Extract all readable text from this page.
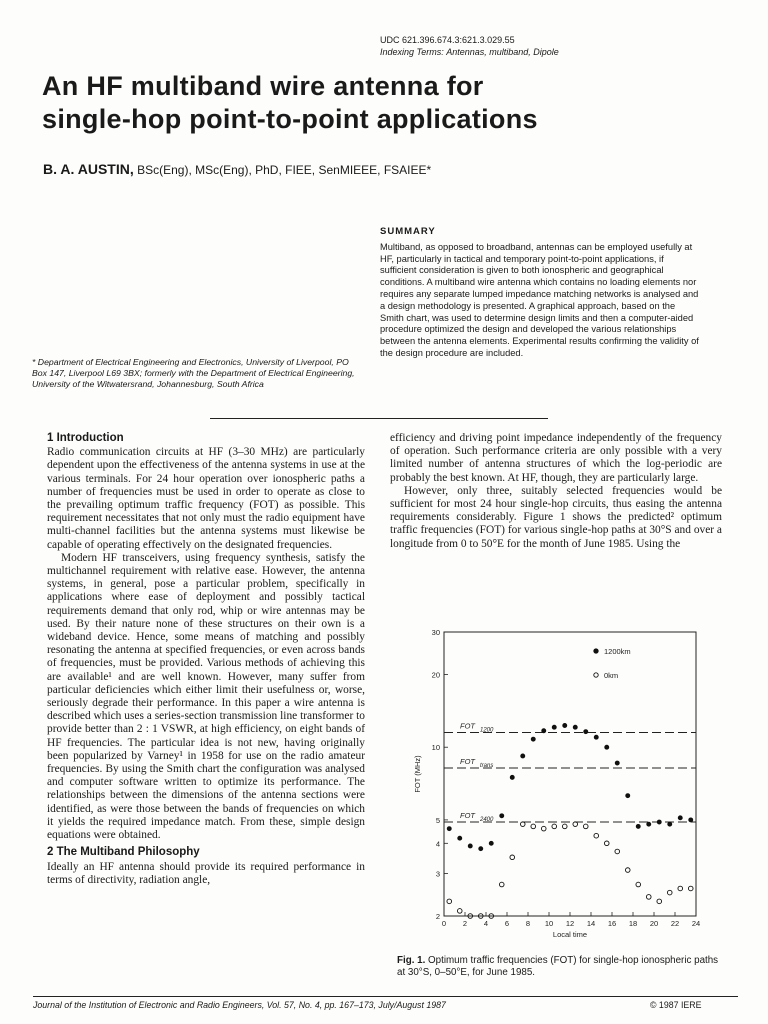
UDC 621.396.674.3:621.3.029.55
Indexing Terms: Antennas, multiband, Dipole
An HF multiband wire antenna for
single-hop point-to-point applications
B. A. AUSTIN, BSc(Eng), MSc(Eng), PhD, FIEE, SenMIEEE, FSAIEE*
SUMMARY

Multiband, as opposed to broadband, antennas can be employed usefully at HF, particularly in tactical and temporary point-to-point applications, if sufficient consideration is given to both ionospheric and geographical conditions. A multiband wire antenna which contains no loading elements nor requires any separate lumped impedance matching networks is analysed and a design methodology is presented. A graphical approach, based on the Smith chart, was used to determine design limits and then a computer-aided procedure optimized the design and developed the various relationships between the antenna elements. Experimental results confirming the validity of the design procedure are included.

* Department of Electrical Engineering and Electronics, University of Liverpool, PO Box 147, Liverpool L69 3BX; formerly with the Department of Electrical Engineering, University of the Witwatersrand, Johannesburg, South Africa
1 Introduction

Radio communication circuits at HF (3–30 MHz) are particularly dependent upon the effectiveness of the antenna systems in use at the various terminals. For 24 hour operation over ionospheric paths a number of frequencies must be used in order to operate as close to the prevailing optimum traffic frequency (FOT) as possible. This requirement necessitates that not only must the radio equipment have multi-channel facilities but the antenna systems must likewise be capable of operating effectively on the designated frequencies.

Modern HF transceivers, using frequency synthesis, satisfy the multichannel requirement with relative ease. However, the antenna systems, in general, pose a particular problem, specifically in applications where ease of deployment and possibly tactical requirements demand that only rod, whip or wire antennas may be used. By their nature none of these structures on their own is a wideband device. Hence, some means of matching and possibly resonating the antenna at specified frequencies, or even across bands of frequencies, must be provided. Various methods of achieving this are available¹ and are well known. However, many suffer from particular deficiencies which either limit their usefulness or, worse, seriously degrade their performance. In this paper a wire antenna is described which uses a series-section transmission line transformer to provide better than 2 : 1 VSWR, at high efficiency, on eight bands of HF frequencies. The particular idea is not new, having originally been popularized by Varney¹ in 1958 for use on the radio amateur frequencies. By using the Smith chart the configuration was analysed and computer software written to optimize its performance. The relationships between the dimensions of the antenna sections were identified, as were those between the bands of frequencies on which it yields the required impedance match. From these, simple design equations were obtained.

2 The Multiband Philosophy

Ideally an HF antenna should provide its required performance in terms of directivity, radiation angle,

efficiency and driving point impedance independently of the frequency of operation. Such performance criteria are only possible with a very limited number of antenna structures of which the log-periodic are probably the best known. At HF, though, they are particularly large.

However, only three, suitably selected frequencies would be sufficient for most 24 hour single-hop circuits, thus easing the antenna requirements considerably. Figure 1 shows the predicted² optimum traffic frequencies (FOT) for various single-hop paths at 30°S and over a longitude from 0 to 50°E for the month of June 1985. Using the

0 2 4 6 8 10 12 14 16 18 20 22 24
2
3
4
5
10
20
30
Local time
FOT (MHz)
FOT 1200
FOT trans
FOT 2400
1200km
0km
Fig. 1. Optimum traffic frequencies (FOT) for single-hop ionospheric paths at 30°S, 0–50°E, for June 1985.
Journal of the Institution of Electronic and Radio Engineers, Vol. 57, No. 4, pp. 167–173, July/August 1987	© 1987 IERE
